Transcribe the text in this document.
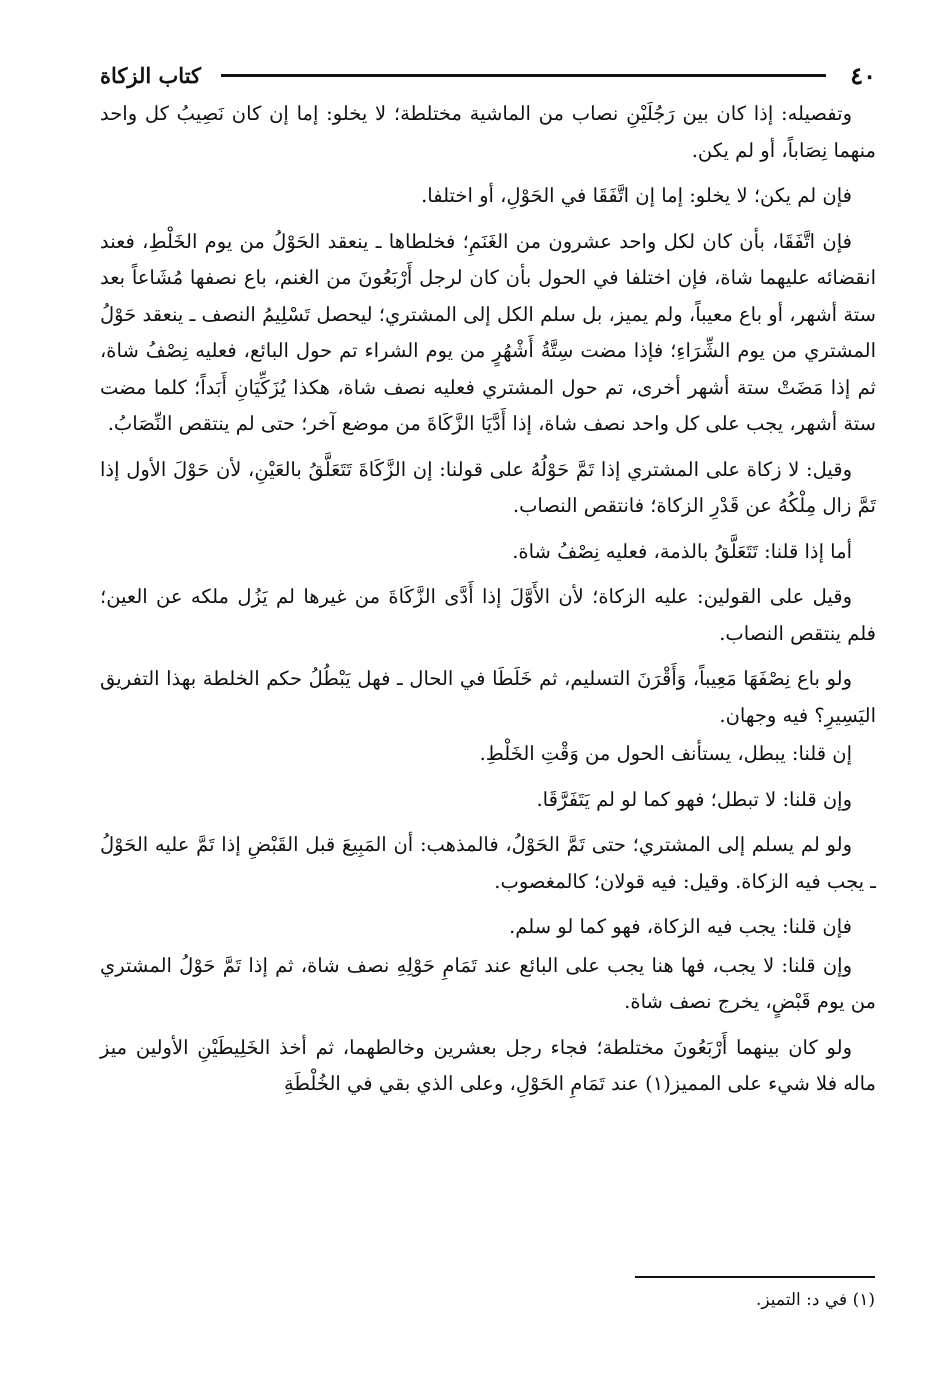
٤٠
كتاب الزكاة

وتفصيله: إذا كان بين رَجُلَيْنِ نصاب من الماشية مختلطة؛ لا يخلو: إما إن كان نَصِيبُ كل واحد منهما نِصَاباً، أو لم يكن.

فإن لم يكن؛ لا يخلو: إما إن اتَّفَقَا في الحَوْلِ، أو اختلفا.

فإن اتَّفَقَا، بأن كان لكل واحد عشرون من الغَنَمِ؛ فخلطاها ـ ينعقد الحَوْلُ من يوم الخَلْطِ، فعند انقضائه عليهما شاة، فإن اختلفا في الحول بأن كان لرجل أَرْبَعُونَ من الغنم، باع نصفها مُشَاعاً بعد ستة أشهر، أو باع معيباً، ولم يميز، بل سلم الكل إلى المشتري؛ ليحصل تَسْلِيمُ النصف ـ ينعقد حَوْلُ المشتري من يوم الشِّرَاءِ؛ فإذا مضت سِتَّةُ أَشْهُرٍ من يوم الشراء تم حول البائع، فعليه نِصْفُ شاة، ثم إذا مَضَتْ ستة أشهر أخرى، تم حول المشتري فعليه نصف شاة، هكذا يُزَكِّيَانِ أَبَداً؛ كلما مضت ستة أشهر، يجب على كل واحد نصف شاة، إذا أَدَّيَا الزَّكَاةَ من موضع آخر؛ حتى لم ينتقص النِّصَابُ.

وقيل: لا زكاة على المشتري إذا تَمَّ حَوْلُهُ على قولنا: إن الزَّكَاةَ تَتَعَلَّقُ بالعَيْنِ، لأن حَوْلَ الأول إذا تَمَّ زال مِلْكُهُ عن قَدْرِ الزكاة؛ فانتقص النصاب.

أما إذا قلنا: تَتَعَلَّقُ بالذمة، فعليه نِصْفُ شاة.

وقيل على القولين: عليه الزكاة؛ لأن الأَوَّلَ إذا أَدَّى الزَّكَاةَ من غيرها لم يَزُل ملكه عن العين؛ فلم ينتقص النصاب.

ولو باع نِصْفَهَا مَعِيباً، وَأَقْرَنَ التسليم، ثم خَلَطَا في الحال ـ فهل يَبْطُلُ حكم الخلطة بهذا التفريق اليَسِيرِ؟ فيه وجهان.

إن قلنا: يبطل، يستأنف الحول من وَقْتِ الخَلْطِ.

وإن قلنا: لا تبطل؛ فهو كما لو لم يَتَفَرَّقَا.

ولو لم يسلم إلى المشتري؛ حتى تَمَّ الحَوْلُ، فالمذهب: أن المَبِيعَ قبل القَبْضِ إذا تَمَّ عليه الحَوْلُ ـ يجب فيه الزكاة. وقيل: فيه قولان؛ كالمغصوب.

فإن قلنا: يجب فيه الزكاة، فهو كما لو سلم.

وإن قلنا: لا يجب، فها هنا يجب على البائع عند تَمَامِ حَوْلِهِ نصف شاة، ثم إذا تَمَّ حَوْلُ المشتري من يوم قَبْضٍ، يخرج نصف شاة.

ولو كان بينهما أَرْبَعُونَ مختلطة؛ فجاء رجل بعشرين وخالطهما، ثم أخذ الخَلِيطَيْنِ الأولين ميز ماله فلا شيء على المميز(١) عند تَمَامِ الحَوْلِ، وعلى الذي بقي في الخُلْطَةِ

(١) في د: التميز.
